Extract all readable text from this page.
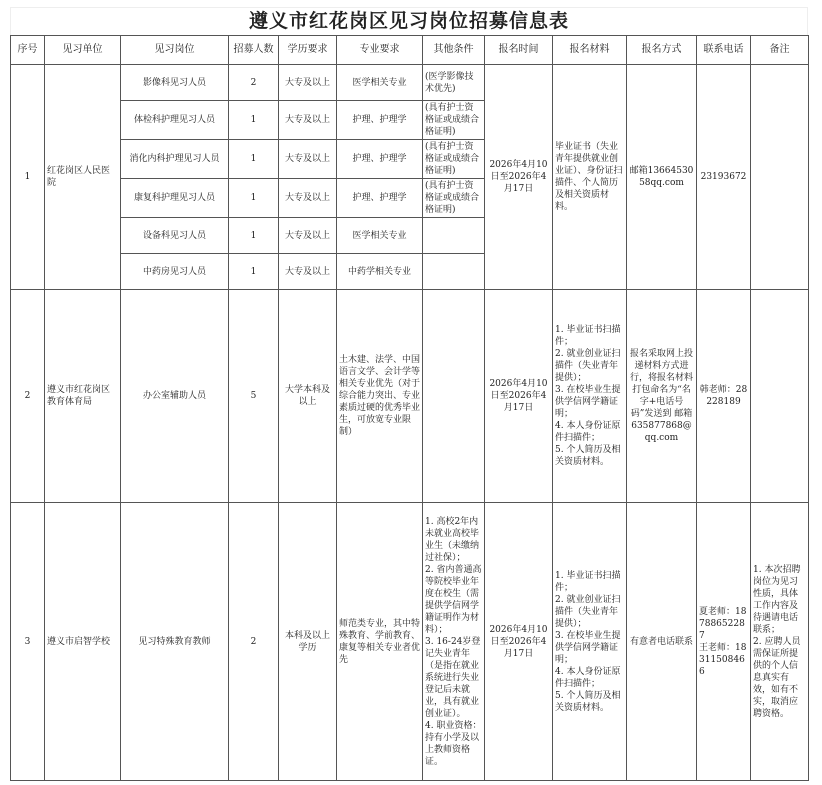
遵义市红花岗区见习岗位招募信息表
序号	见习单位	见习岗位	招募人数	学历要求	专业要求	其他条件	报名时间	报名材料	报名方式	联系电话	备注
1	红花岗区人民医院	影像科见习人员	2	大专及以上	医学相关专业	(医学影像技术优先)	2026年4月10日至2026年4月17日	毕业证书（失业青年提供就业创业证）、身份证扫描件、个人简历及相关资质材料。	邮箱1366453058qq.com	23193672	
		体检科护理见习人员	1	大专及以上	护理、护理学	(具有护士资格证或成绩合格证明)					
		消化内科护理见习人员	1	大专及以上	护理、护理学	(具有护士资格证或成绩合格证明)					
		康复科护理见习人员	1	大专及以上	护理、护理学	(具有护士资格证或成绩合格证明)					
		设备科见习人员	1	大专及以上	医学相关专业						
		中药房见习人员	1	大专及以上	中药学相关专业						
2	遵义市红花岗区教育体育局	办公室辅助人员	5	大学本科及以上	土木建、法学、中国语言文学、会计学等相关专业优先（对于综合能力突出、专业素质过硬的优秀毕业生，可放宽专业限制）		2026年4月10日至2026年4月17日	1. 毕业证书扫描件；
2. 就业创业证扫描件（失业青年提供）；
3. 在校毕业生提供学信网学籍证明；
4. 本人身份证原件扫描件；
5. 个人简历及相关资质材料。	报名采取网上投递材料方式进行，将报名材料打包命名为“名字+电话号码”发送到 邮箱635877868@qq.com	韩老师：28228189	
3	遵义市启智学校	见习特殊教育教师	2	本科及以上学历	师范类专业，其中特殊教育、学前教育、康复等相关专业者优先	1. 高校2年内未就业高校毕业生（未缴纳过社保）；
2. 省内普通高等院校毕业年度在校生（需提供学信网学籍证明作为材料）；
3. 16-24岁登记失业青年（是指在就业系统进行失业登记后未就业，具有就业创业证）。
4. 职业资格：持有小学及以上教师资格证。	2026年4月10日至2026年4月17日	1. 毕业证书扫描件；
2. 就业创业证扫描件（失业青年提供）；
3. 在校毕业生提供学信网学籍证明；
4. 本人身份证原件扫描件；
5. 个人简历及相关资质材料。	有意者电话联系	夏老师：18788652287
王老师：18311508466	1. 本次招聘岗位为见习性质，具体工作内容及待遇请电话联系；
2. 应聘人员需保证所提供的个人信息真实有效，如有不实，取消应聘资格。
